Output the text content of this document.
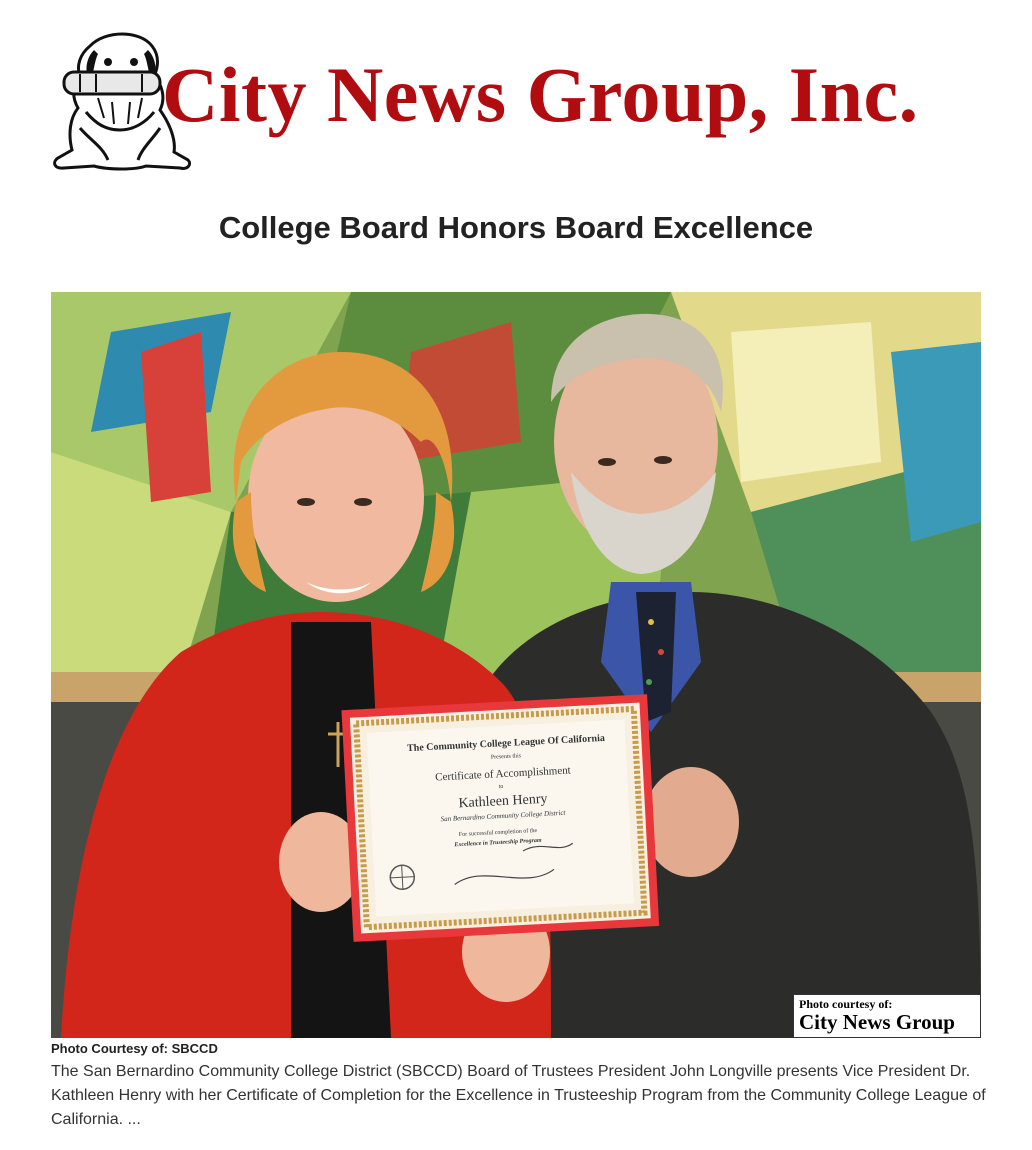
City News Group, Inc.
College Board Honors Board Excellence
The Community College League Of California
Presents this
Certificate of Accomplishment
to
Kathleen Henry
San Bernardino Community College District
For successful completion of the
Excellence in Trusteeship Program
Photo courtesy of:
City News Group
Photo Courtesy of: SBCCD

The San Bernardino Community College District (SBCCD) Board of Trustees President John Longville presents Vice President Dr. Kathleen Henry with her Certificate of Completion for the Excellence in Trusteeship Program from the Community College League of California. ...
